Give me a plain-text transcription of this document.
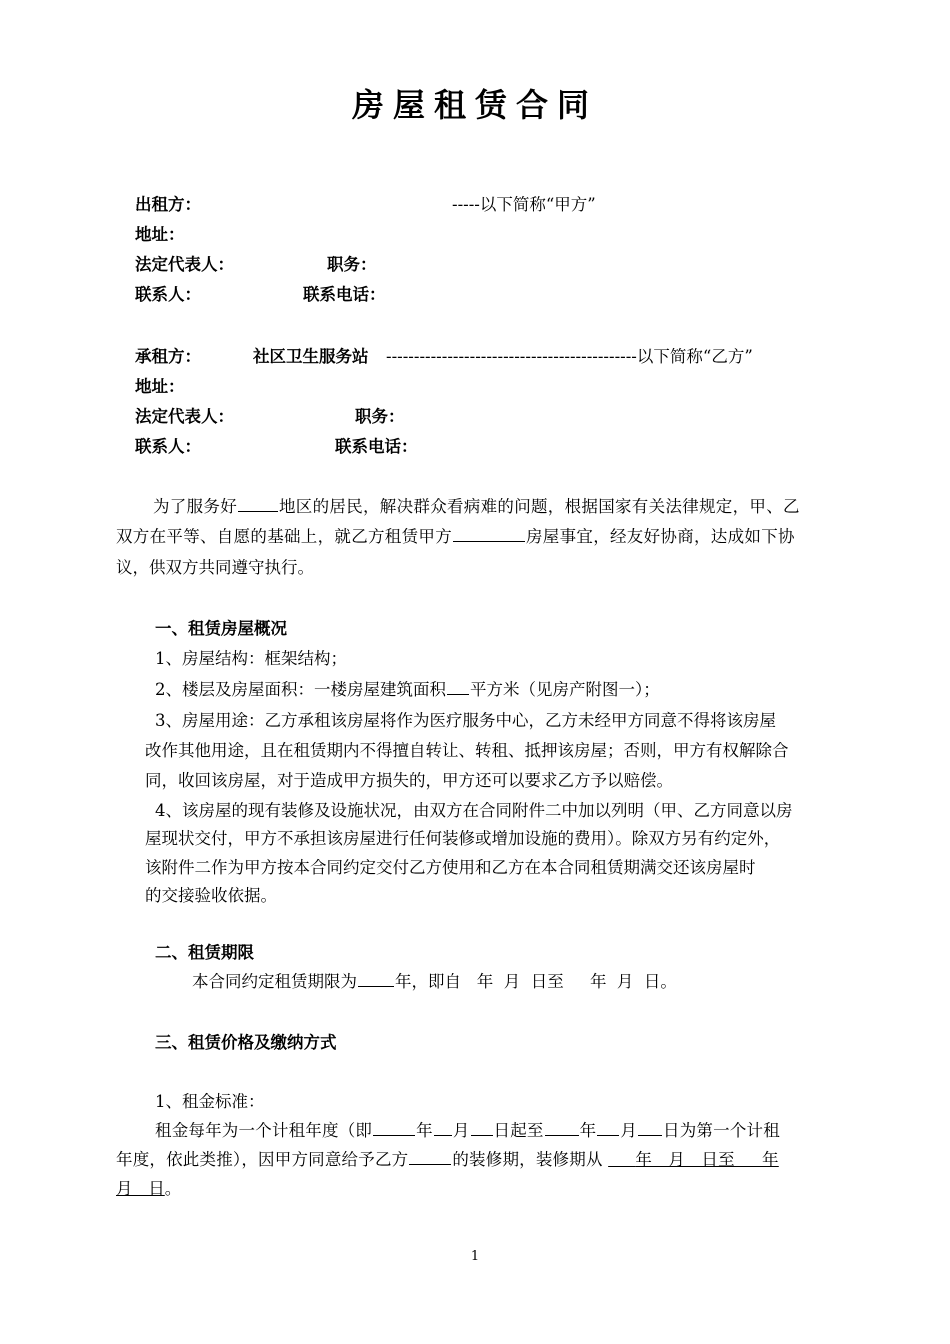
房屋租赁合同
出租方：	-----以下简称“甲方”
地址：
法定代表人：	职务：
联系人：	联系电话：
承租方：	社区卫生服务站 ---------------------------------------------以下简称“乙方”
地址：
法定代表人：	职务：
联系人：	联系电话：
为了服务好	地区的居民，解决群众看病难的问题，根据国家有关法律规定，甲、乙
双方在平等、自愿的基础上，就乙方租赁甲方	房屋事宜，经友好协商，达成如下协
议，供双方共同遵守执行。
一、租赁房屋概况
1、房屋结构：框架结构；
2、楼层及房屋面积：一楼房屋建筑面积 平方米（见房产附图一）；
3、房屋用途：乙方承租该房屋将作为医疗服务中心，乙方未经甲方同意不得将该房屋
改作其他用途，且在租赁期内不得擅自转让、转租、抵押该房屋；否则，甲方有权解除合
同，收回该房屋，对于造成甲方损失的，甲方还可以要求乙方予以赔偿。
4、该房屋的现有装修及设施状况，由双方在合同附件二中加以列明（甲、乙方同意以房
屋现状交付，甲方不承担该房屋进行任何装修或增加设施的费用）。除双方另有约定外，
该附件二作为甲方按本合同约定交付乙方使用和乙方在本合同租赁期满交还该房屋时
的交接验收依据。
二、租赁期限
本合同约定租赁期限为 年，即自   年  月  日至     年  月  日。
三、租赁价格及缴纳方式
1、租金标准：
租金每年为一个计租年度（即	年 月 日起至 年 月 日为第一个计租
年度，依此类推），因甲方同意给予乙方	的装修期，装修期从 年   月   日至     年
月   日。
1
